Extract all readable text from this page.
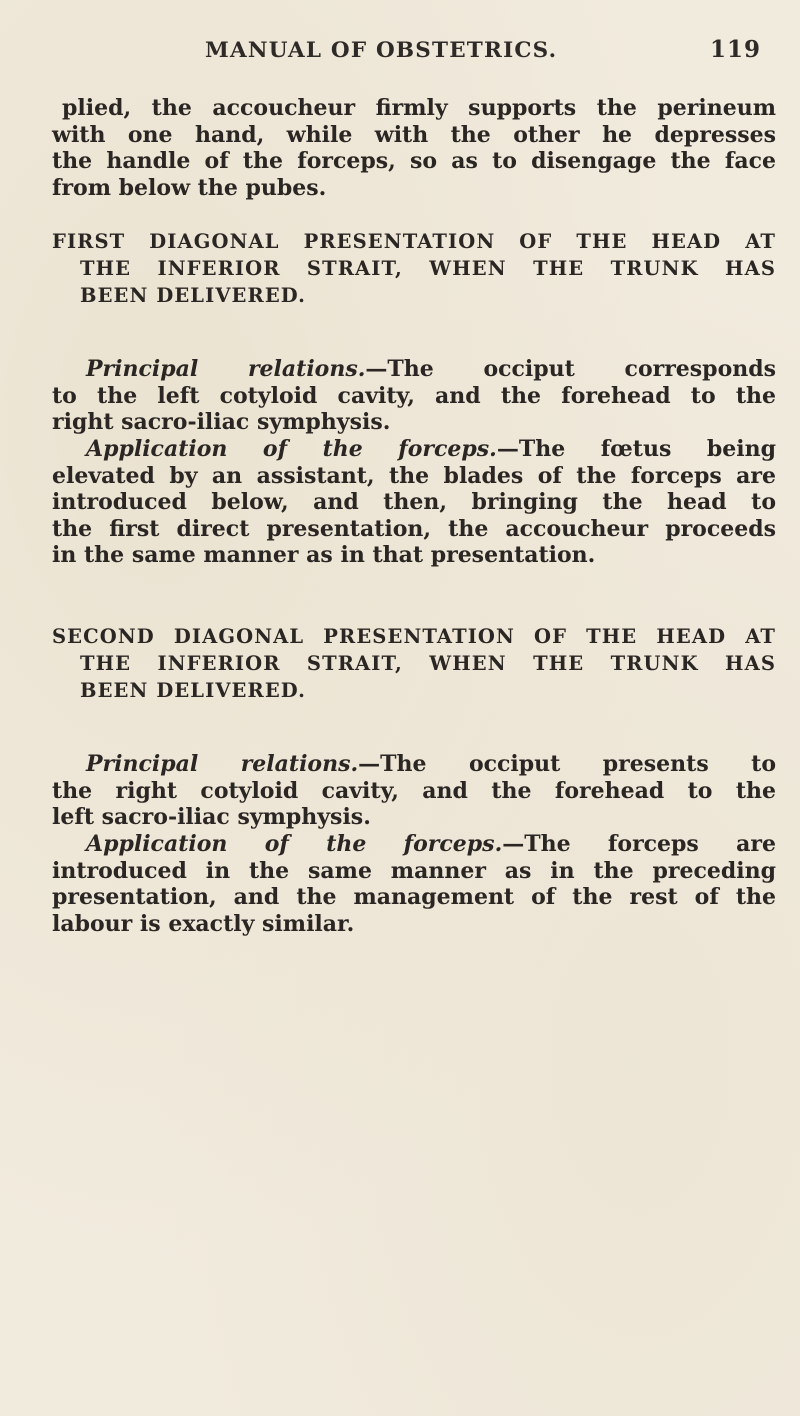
MANUAL OF OBSTETRICS.	119
plied, the accoucheur firmly supports the perineum
with one hand, while with the other he depresses
the handle of the forceps, so as to disengage the face
from below the pubes.
FIRST DIAGONAL PRESENTATION OF THE HEAD AT
THE INFERIOR STRAIT, WHEN THE TRUNK HAS
BEEN DELIVERED.
Principal relations.—The occiput corresponds
to the left cotyloid cavity, and the forehead to the
right sacro-iliac symphysis.
Application of the forceps.—The fœtus being
elevated by an assistant, the blades of the forceps are
introduced below, and then, bringing the head to
the first direct presentation, the accoucheur proceeds
in the same manner as in that presentation.
SECOND DIAGONAL PRESENTATION OF THE HEAD AT
THE INFERIOR STRAIT, WHEN THE TRUNK HAS
BEEN DELIVERED.
Principal relations.—The occiput presents to
the right cotyloid cavity, and the forehead to the
left sacro-iliac symphysis.
Application of the forceps.—The forceps are
introduced in the same manner as in the preceding
presentation, and the management of the rest of the
labour is exactly similar.
